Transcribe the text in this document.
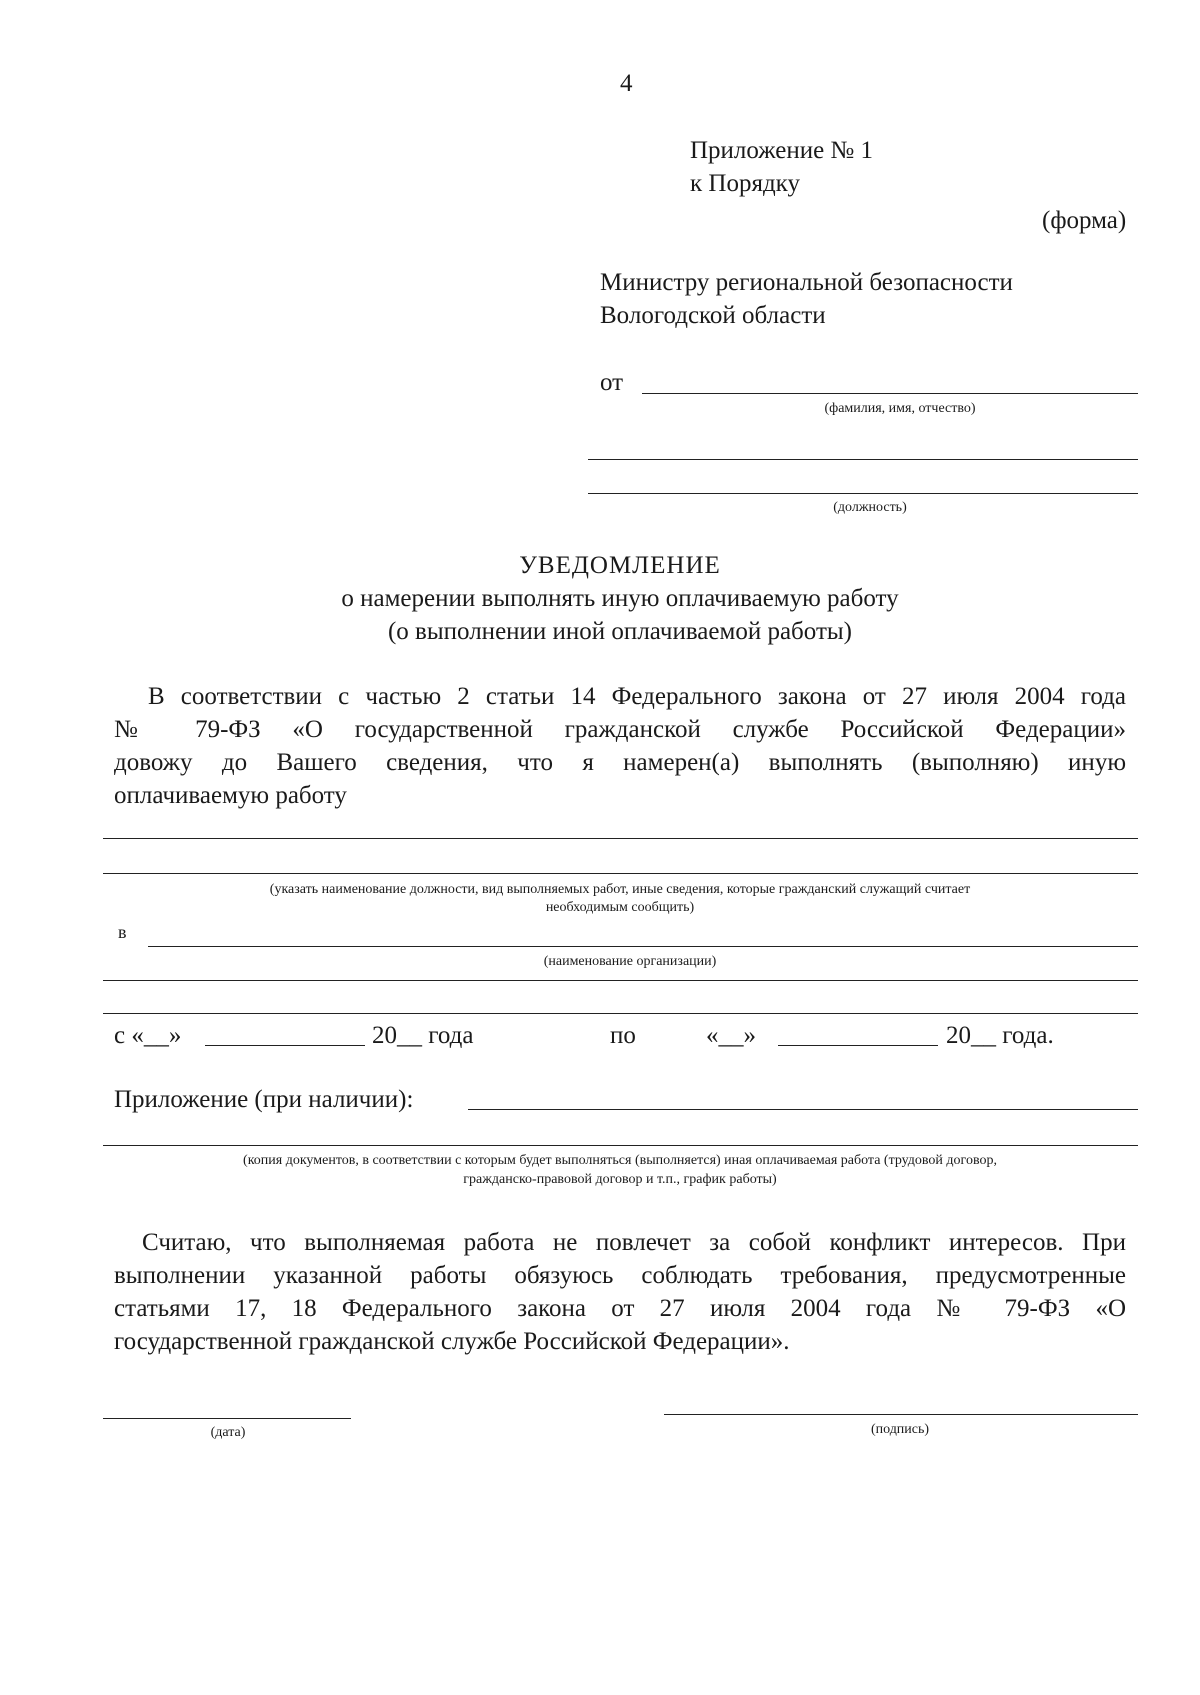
4
Приложение № 1
к Порядку
(форма)
Министру региональной безопасности
Вологодской области
от
(фамилия, имя, отчество)
(должность)
УВЕДОМЛЕНИЕ
о намерении выполнять иную оплачиваемую работу
(о выполнении иной оплачиваемой работы)
В соответствии с частью 2 статьи 14 Федерального закона от 27 июля 2004 года
№ 79-ФЗ «О государственной гражданской службе Российской Федерации»
довожу до Вашего сведения, что я намерен(а) выполнять (выполняю) иную
оплачиваемую работу
(указать наименование должности, вид выполняемых работ, иные сведения, которые гражданский служащий считает
необходимым сообщить)
в
(наименование организации)
с «__»	20__ года	по	«__»	20__ года.
Приложение (при наличии):
(копия документов, в соответствии с которым будет выполняться (выполняется) иная оплачиваемая работа (трудовой договор,
гражданско-правовой договор и т.п., график работы)
Считаю, что выполняемая работа не повлечет за собой конфликт интересов. При
выполнении указанной работы обязуюсь соблюдать требования, предусмотренные
статьями 17, 18 Федерального закона от 27 июля 2004 года № 79-ФЗ «О
государственной гражданской службе Российской Федерации».
(дата)	(подпись)
